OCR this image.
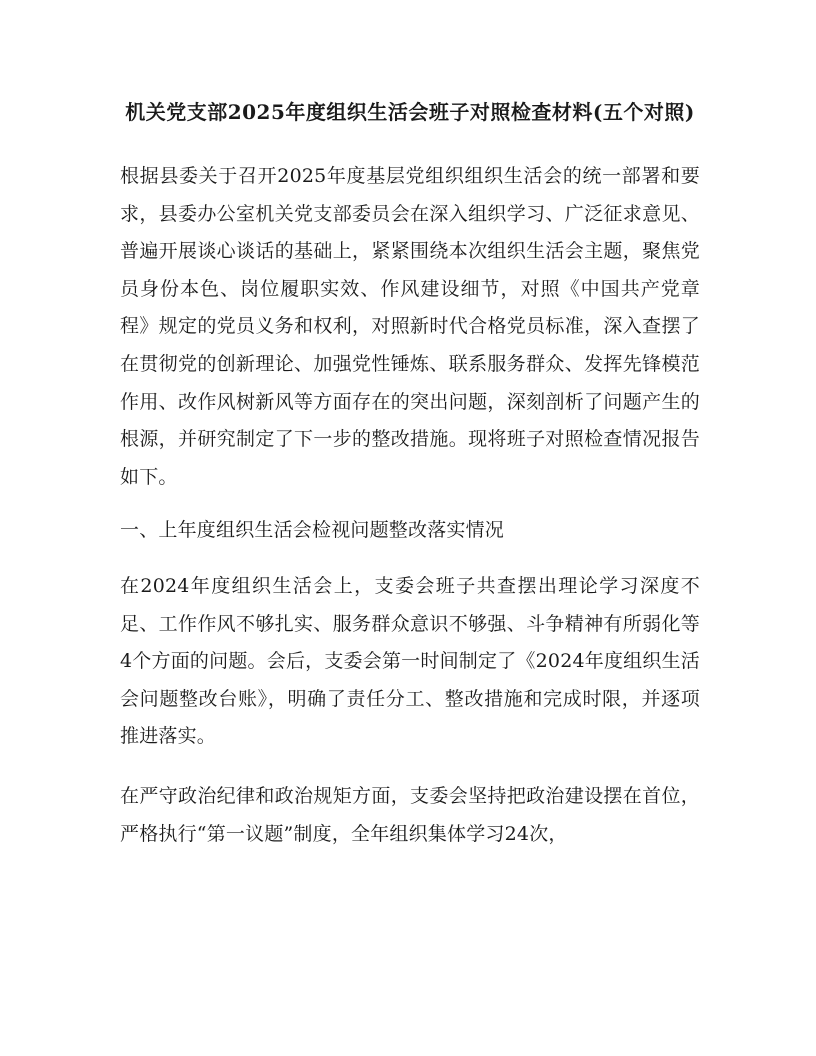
机关党支部2025年度组织生活会班子对照检查材料(五个对照)

根据县委关于召开2025年度基层党组织组织生活会的统一部署和要求，县委办公室机关党支部委员会在深入组织学习、广泛征求意见、普遍开展谈心谈话的基础上，紧紧围绕本次组织生活会主题，聚焦党员身份本色、岗位履职实效、作风建设细节，对照《中国共产党章程》规定的党员义务和权利，对照新时代合格党员标准，深入查摆了在贯彻党的创新理论、加强党性锤炼、联系服务群众、发挥先锋模范作用、改作风树新风等方面存在的突出问题，深刻剖析了问题产生的根源，并研究制定了下一步的整改措施。现将班子对照检查情况报告如下。

一、上年度组织生活会检视问题整改落实情况

在2024年度组织生活会上，支委会班子共查摆出理论学习深度不足、工作作风不够扎实、服务群众意识不够强、斗争精神有所弱化等4个方面的问题。会后，支委会第一时间制定了《2024年度组织生活会问题整改台账》，明确了责任分工、整改措施和完成时限，并逐项推进落实。

在严守政治纪律和政治规矩方面，支委会坚持把政治建设摆在首位，严格执行“第一议题”制度，全年组织集体学习24次，
